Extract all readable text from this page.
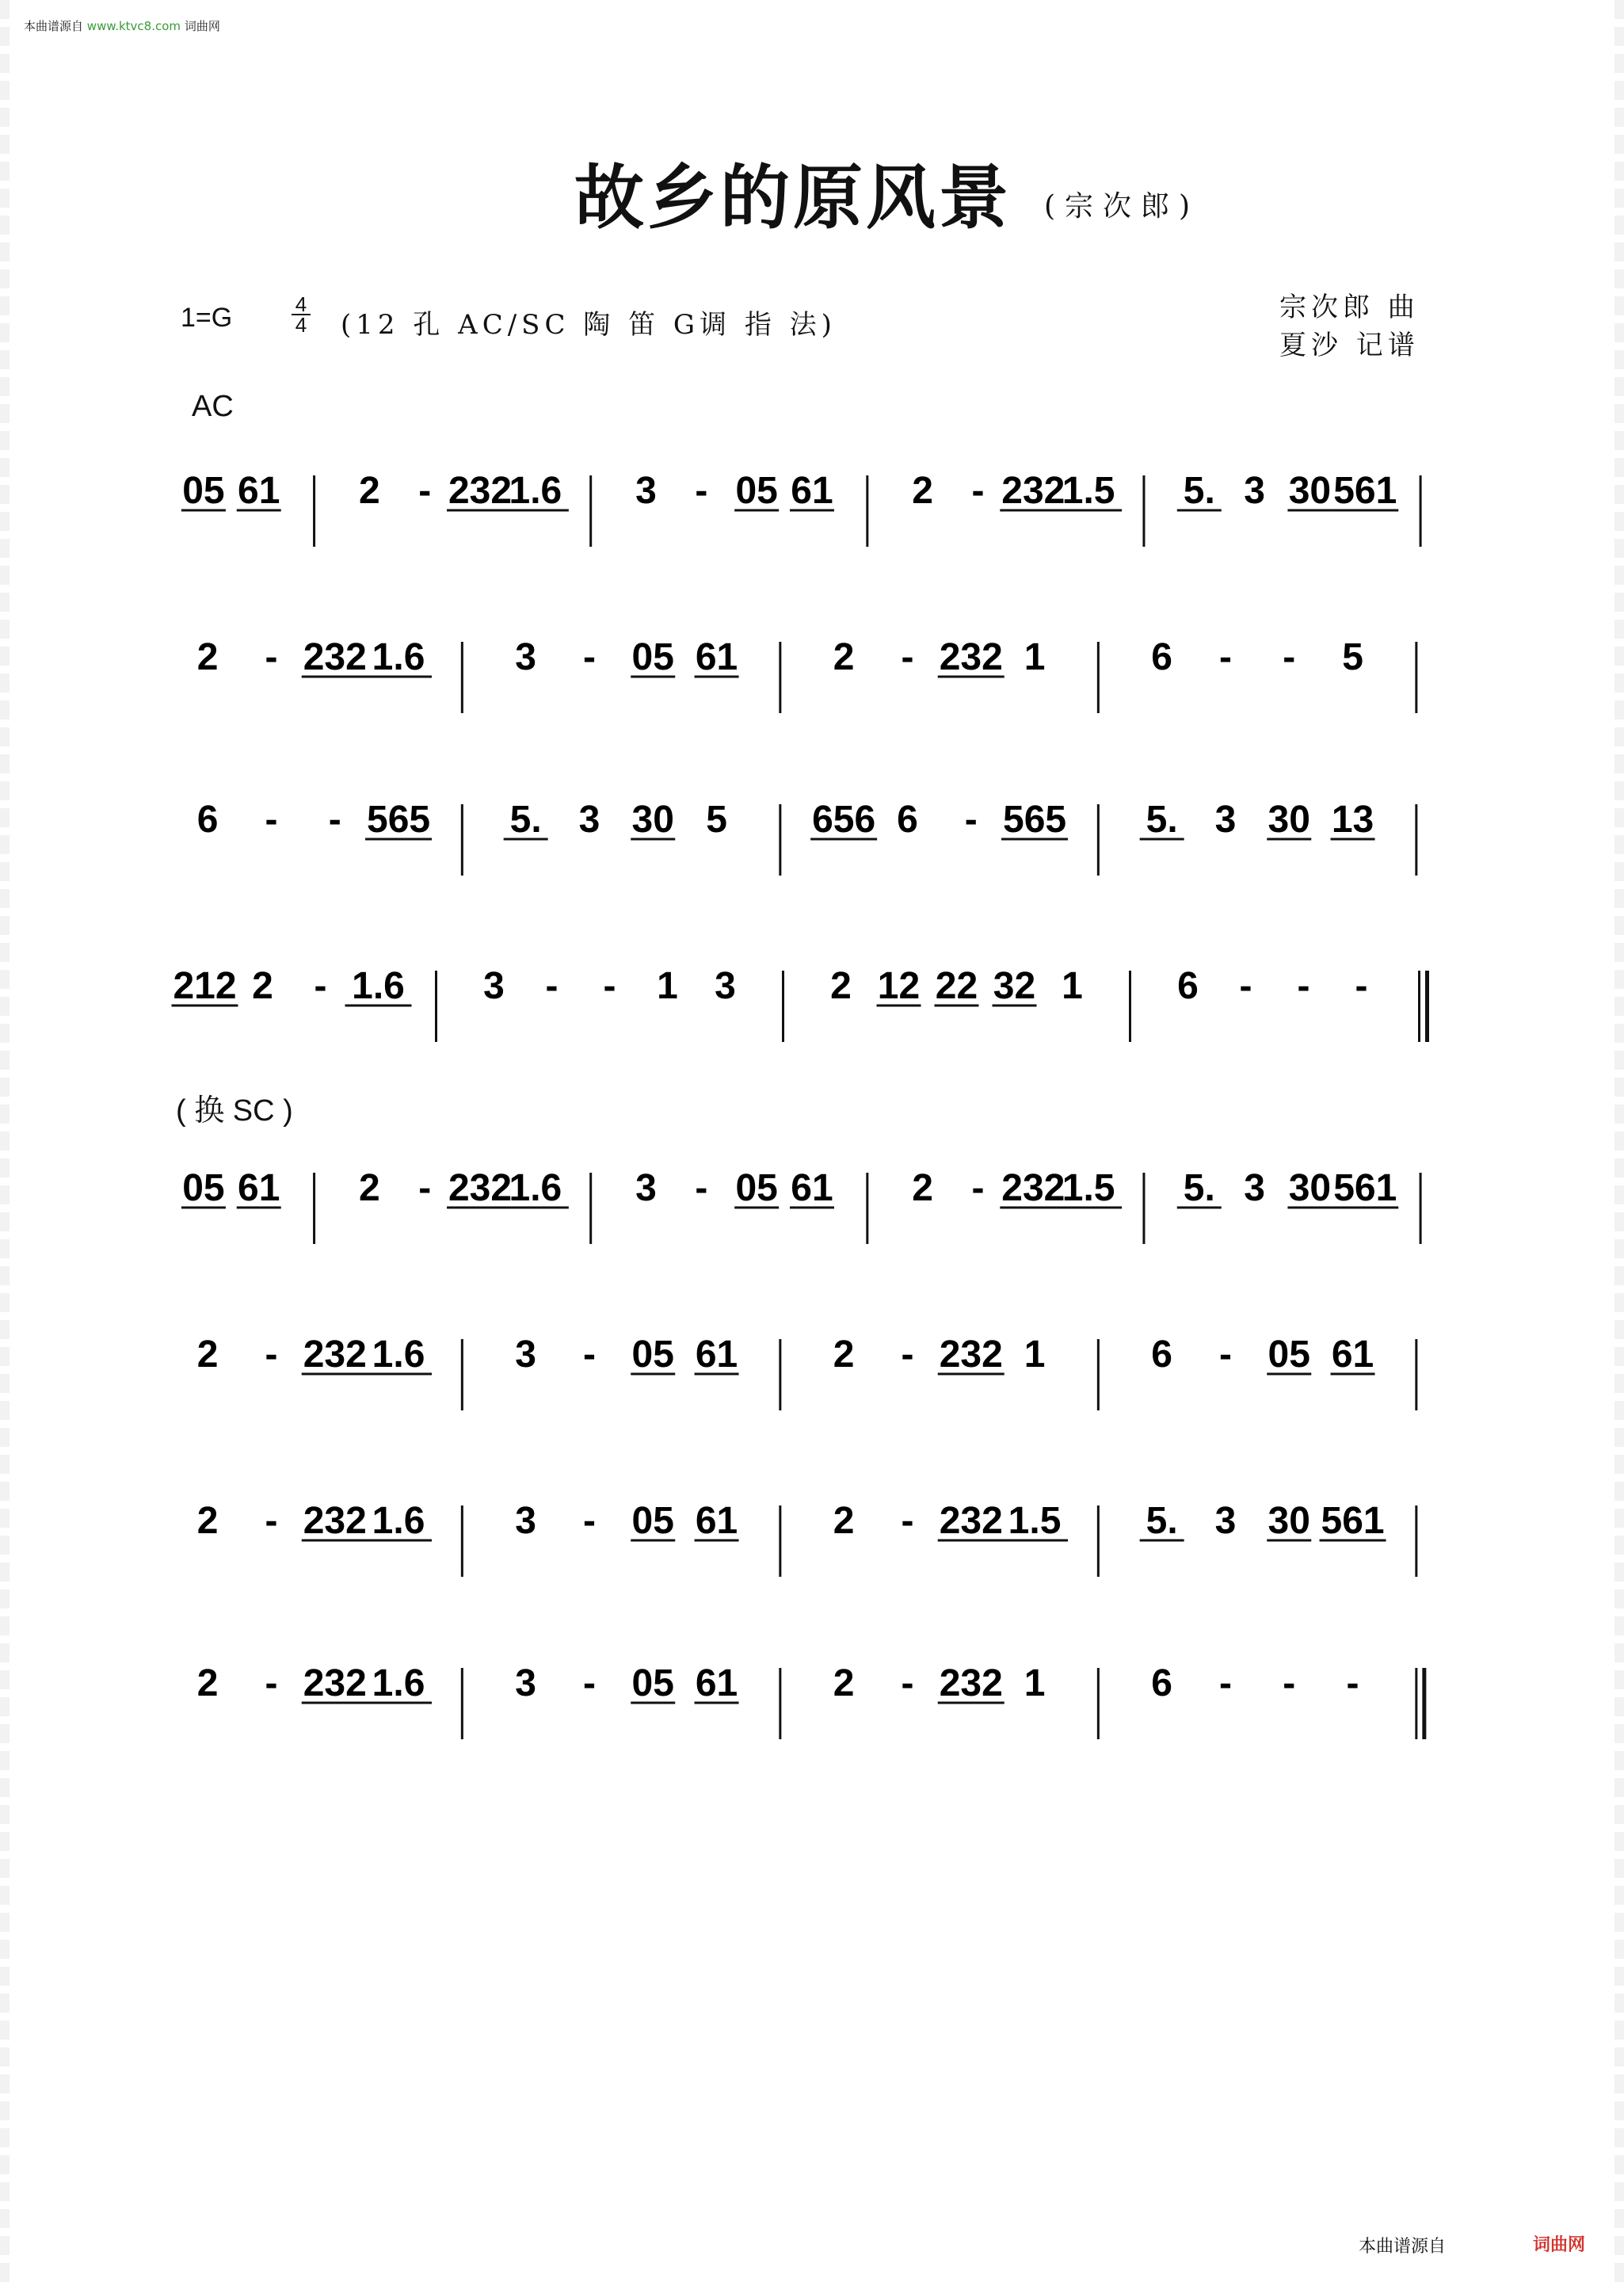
本曲谱源自 www.ktvc8.com 词曲网
故乡的原风景 (宗次郎)
1=G	4
4 (12 孔 AC/SC 陶 笛 G调 指 法)
宗次郎 曲
夏沙 记谱
AC
( 换 SC )
05 61 2 - 232
1.6 3 - 05 61 2 - 232
1.5 5. 3 30 561
2 - 232 1.6 3 - 05 61	2 - 232 1	6 - - 5
6 - - 565 5. 3 30 5 656 6 - 565 5. 3 30 13
212 2 - 1.6 3 - - 1 3 2 12 22 32 1 6 - - -
05 61 2 - 232
1.6 3 - 05 61 2 - 232
1.5 5. 3 30 561
2 - 232 1.6 3 - 05 61	2 - 232 1	6 - 05 61
2 - 232 1.6 3 - 05 61	2 - 232 1.5 5. 3 30 561
2 - 232 1.6 3 - 05 61	2 - 232 1	6 - - -
本曲谱源自	词曲网
